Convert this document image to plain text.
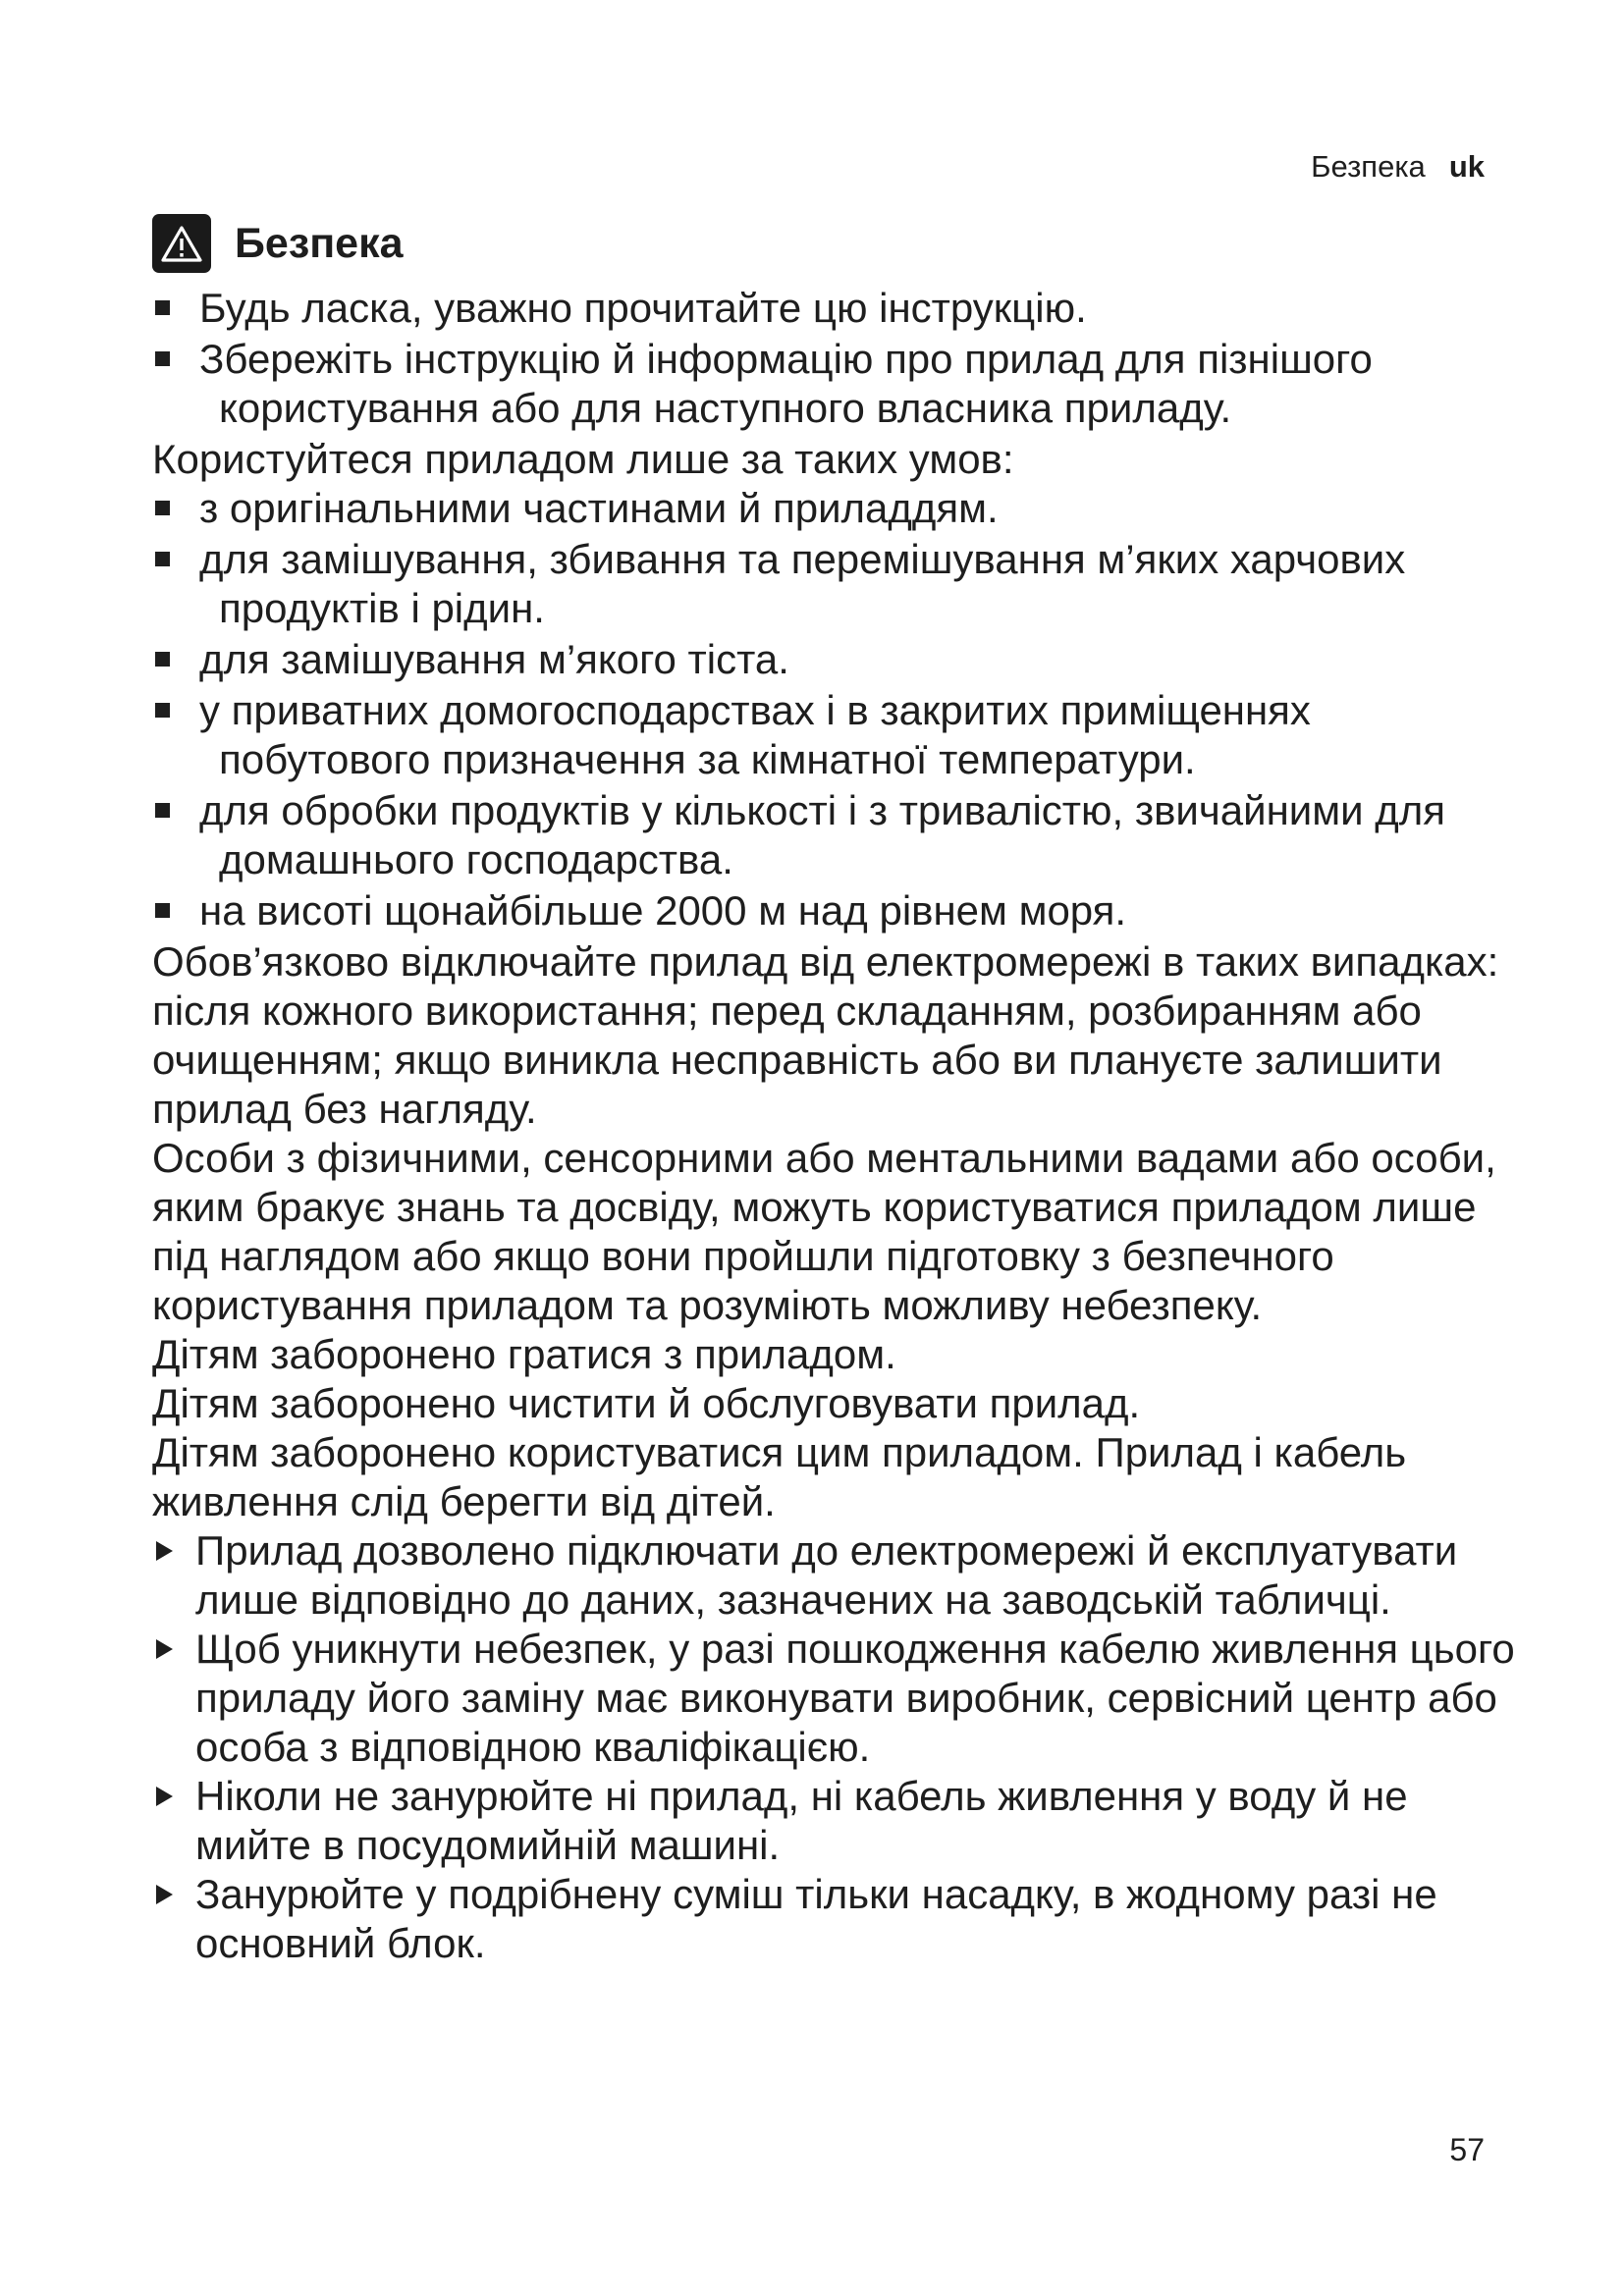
Безпека uk
Безпека
Будь ласка, уважно прочитайте цю інструкцію.
Збережіть інструкцію й інформацію про прилад для пізнішого користування або для наступного власника приладу.

Користуйтеся приладом лише за таких умов:

з оригінальними частинами й приладдям.
для замішування, збивання та перемішування м’яких харчових продуктів і рідин.
для замішування м’якого тіста.
у приватних домогосподарствах і в закритих приміщеннях побутового призначення за кімнатної температури.
для обробки продуктів у кількості і з тривалістю, звичайними для домашнього господарства.
на висоті щонайбільше 2000 м над рівнем моря.

Обов’язково відключайте прилад від електромережі в таких випадках: після кожного використання; перед складанням, розбиранням або очищенням; якщо виникла несправність або ви плануєте залишити прилад без нагляду.

Особи з фізичними, сенсорними або ментальними вадами або особи, яким бракує знань та досвіду, можуть користуватися приладом лише під наглядом або якщо вони пройшли підготовку з безпечного користування приладом та розуміють можливу небезпеку.

Дітям заборонено гратися з приладом.

Дітям заборонено чистити й обслуговувати прилад.

Дітям заборонено користуватися цим приладом. Прилад і кабель живлення слід берегти від дітей.

Прилад дозволено підключати до електромережі й експлуатувати лише відповідно до даних, зазначених на заводській табличці.
Щоб уникнути небезпек, у разі пошкодження кабелю живлення цього приладу його заміну має виконувати виробник, сервісний центр або особа з відповідною кваліфікацією.
Ніколи не занурюйте ні прилад, ні кабель живлення у воду й не мийте в посудомийній машині.
Занурюйте у подрібнену суміш тільки насадку, в жодному разі не основний блок.
57
